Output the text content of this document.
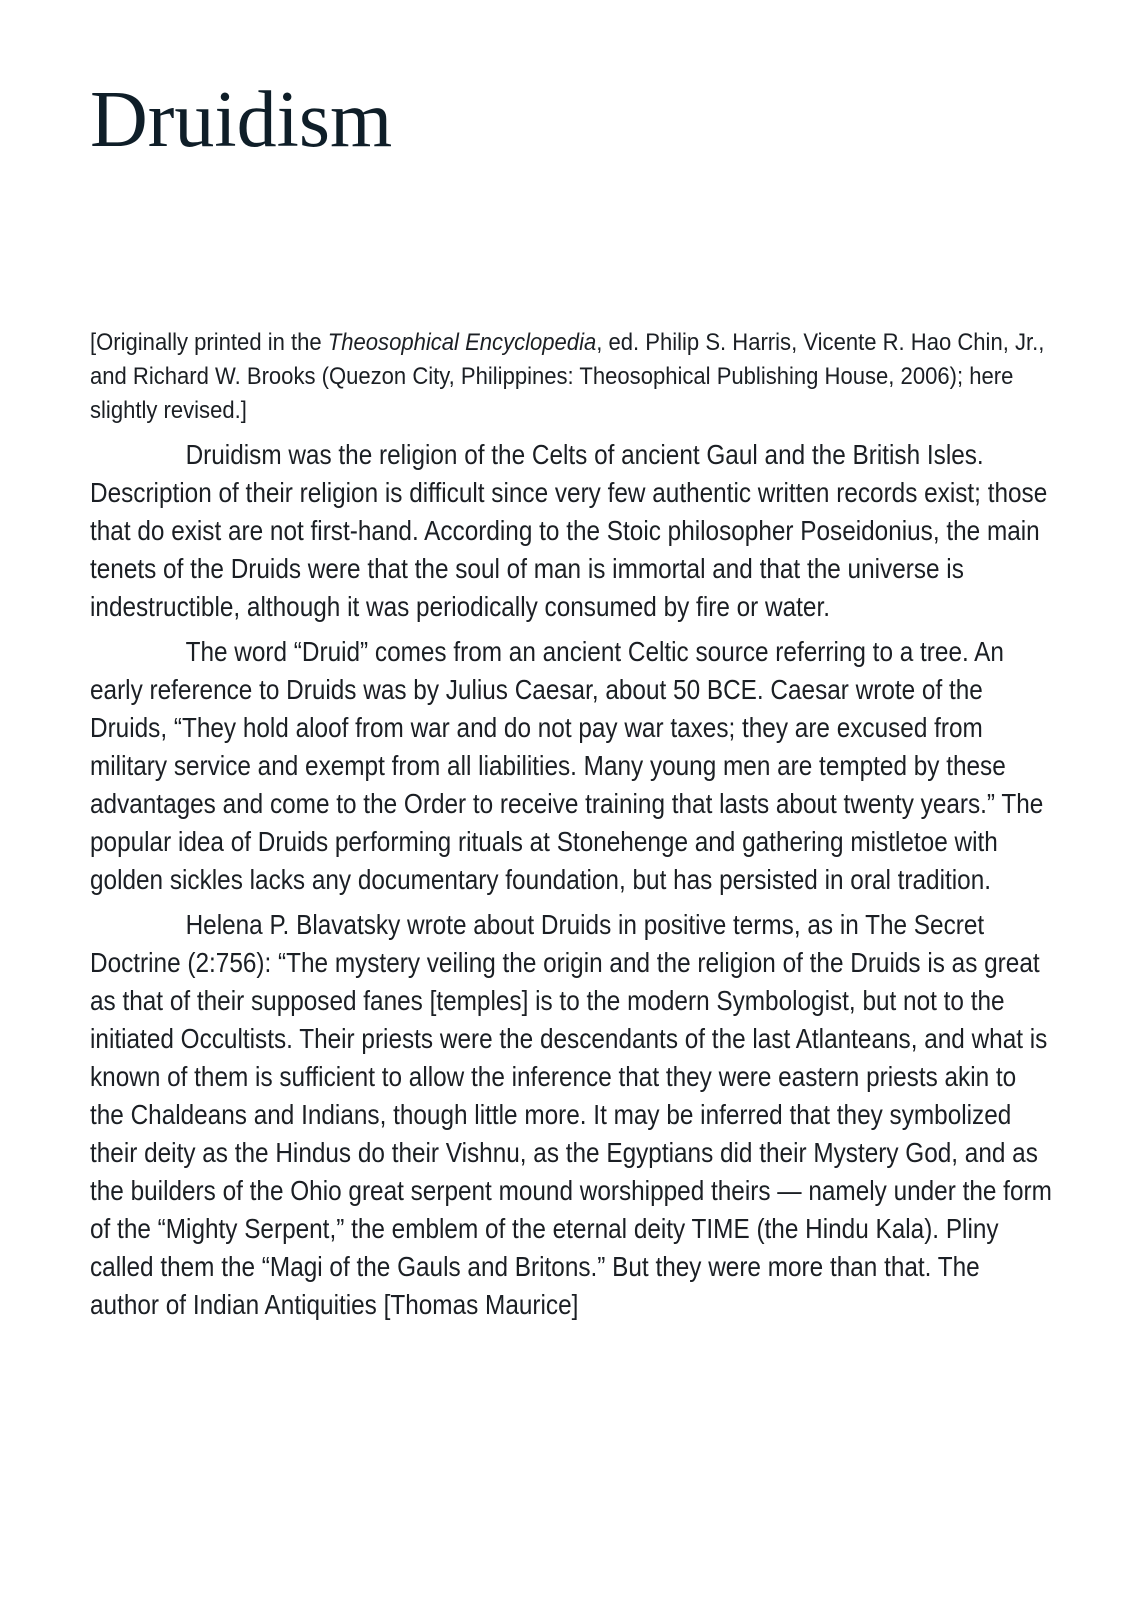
Druidism

[Originally printed in the Theosophical Encyclopedia, ed. Philip S. Harris, Vicente R. Hao Chin, Jr., and Richard W. Brooks (Quezon City, Philippines: Theosophical Publishing House, 2006); here slightly revised.]

Druidism was the religion of the Celts of ancient Gaul and the British Isles. Description of their religion is difficult since very few authentic written records exist; those that do exist are not first-hand. According to the Stoic philosopher Poseidonius, the main tenets of the Druids were that the soul of man is immortal and that the universe is indestructible, although it was periodically consumed by fire or water.

The word “Druid” comes from an ancient Celtic source referring to a tree. An early reference to Druids was by Julius Caesar, about 50 BCE. Caesar wrote of the Druids, “They hold aloof from war and do not pay war taxes; they are excused from military service and exempt from all liabilities. Many young men are tempted by these advantages and come to the Order to receive training that lasts about twenty years.” The popular idea of Druids performing rituals at Stonehenge and gathering mistletoe with golden sickles lacks any documentary foundation, but has persisted in oral tradition.

Helena P. Blavatsky wrote about Druids in positive terms, as in The Secret Doctrine (2:756): “The mystery veiling the origin and the religion of the Druids is as great as that of their supposed fanes [temples] is to the modern Symbologist, but not to the initiated Occultists. Their priests were the descendants of the last Atlanteans, and what is known of them is sufficient to allow the inference that they were eastern priests akin to the Chaldeans and Indians, though little more. It may be inferred that they symbolized their deity as the Hindus do their Vishnu, as the Egyptians did their Mystery God, and as the builders of the Ohio great serpent mound worshipped theirs — namely under the form of the “Mighty Serpent,” the emblem of the eternal deity TIME (the Hindu Kala). Pliny called them the “Magi of the Gauls and Britons.” But they were more than that. The author of Indian Antiquities [Thomas Maurice]
